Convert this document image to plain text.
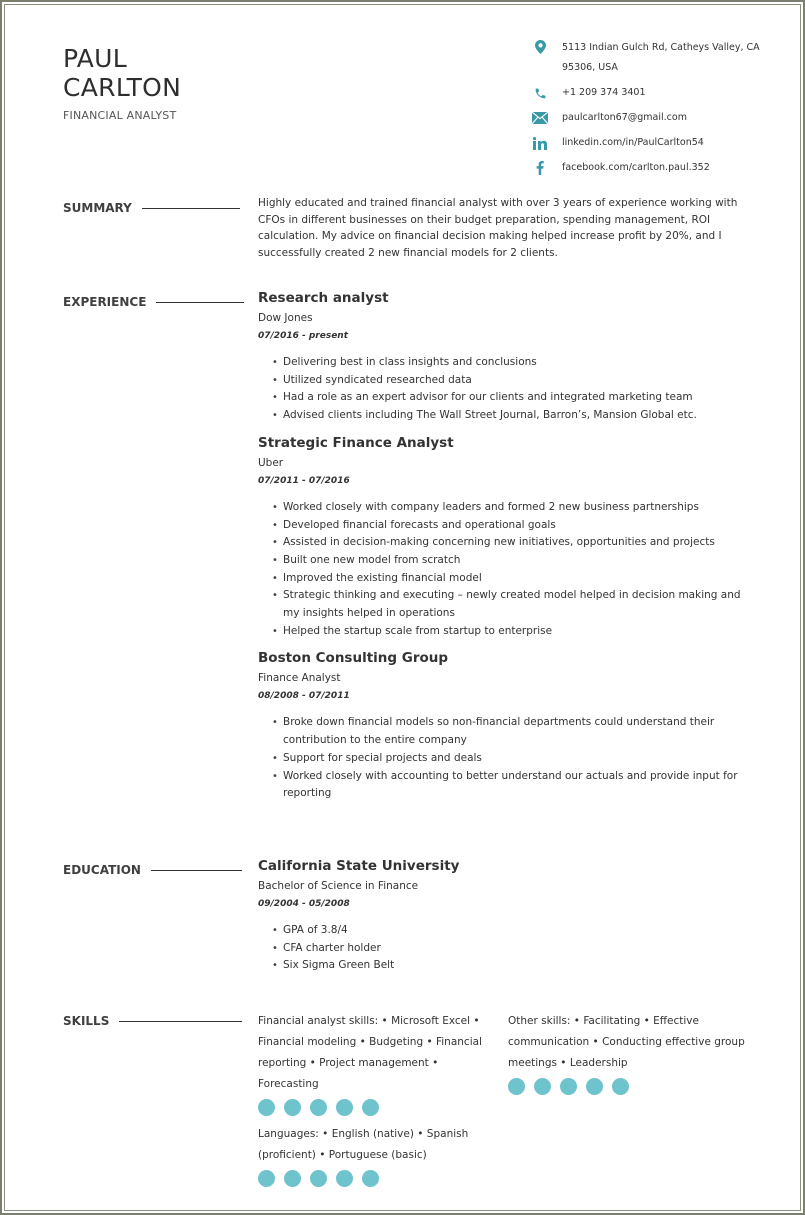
PAUL
CARLTON
FINANCIAL ANALYST
5113 Indian Gulch Rd, Catheys Valley, CA 95306, USA
+1 209 374 3401
paulcarlton67@gmail.com
linkedin.com/in/PaulCarlton54
facebook.com/carlton.paul.352
SUMMARY	Highly educated and trained financial analyst with over 3 years of experience working with CFOs in different businesses on their budget preparation, spending management, ROI calculation. My advice on financial decision making helped increase profit by 20%, and I successfully created 2 new financial models for 2 clients.

EXPERIENCE	Research analyst
Dow Jones
07/2016 - present
• Delivering best in class insights and conclusions
• Utilized syndicated researched data
• Had a role as an expert advisor for our clients and integrated marketing team
• Advised clients including The Wall Street Journal, Barron’s, Mansion Global etc.
Strategic Finance Analyst
Uber
07/2011 - 07/2016
• Worked closely with company leaders and formed 2 new business partnerships
• Developed financial forecasts and operational goals
• Assisted in decision-making concerning new initiatives, opportunities and projects
• Built one new model from scratch
• Improved the existing financial model
• Strategic thinking and executing – newly created model helped in decision making and my insights helped in operations
• Helped the startup scale from startup to enterprise
Boston Consulting Group
Finance Analyst
08/2008 - 07/2011
• Broke down financial models so non-financial departments could understand their contribution to the entire company
• Support for special projects and deals
• Worked closely with accounting to better understand our actuals and provide input for reporting
EDUCATION	California State University
Bachelor of Science in Finance
09/2004 - 05/2008
• GPA of 3.8/4
• CFA charter holder
• Six Sigma Green Belt
SKILLS	Financial analyst skills: • Microsoft Excel • Financial modeling • Budgeting • Financial reporting • Project management • Forecasting
Other skills: • Facilitating • Effective communication • Conducting effective group meetings • Leadership
Languages: • English (native) • Spanish (proficient) • Portuguese (basic)
